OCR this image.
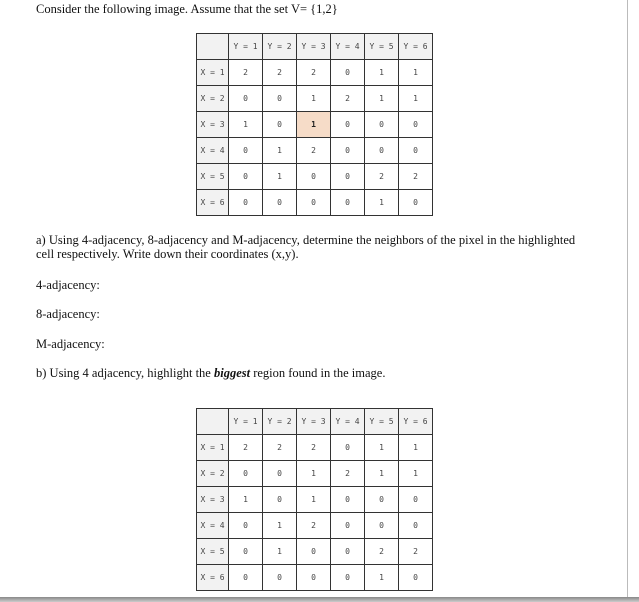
Consider the following image. Assume that the set V= {1,2}
	Y = 1	Y = 2	Y = 3	Y = 4	Y = 5	Y = 6
X = 1	2	2	2	0	1	1
X = 2	0	0	1	2	1	1
X = 3	1	0	1	0	0	0
X = 4	0	1	2	0	0	0
X = 5	0	1	0	0	2	2
X = 6	0	0	0	0	1	0
a) Using 4-adjacency, 8-adjacency and M-adjacency, determine the neighbors of the pixel in the highlighted
cell respectively. Write down their coordinates (x,y).
4-adjacency:
8-adjacency:
M-adjacency:
b) Using 4 adjacency, highlight the biggest region found in the image.
	Y = 1	Y = 2	Y = 3	Y = 4	Y = 5	Y = 6
X = 1	2	2	2	0	1	1
X = 2	0	0	1	2	1	1
X = 3	1	0	1	0	0	0
X = 4	0	1	2	0	0	0
X = 5	0	1	0	0	2	2
X = 6	0	0	0	0	1	0
